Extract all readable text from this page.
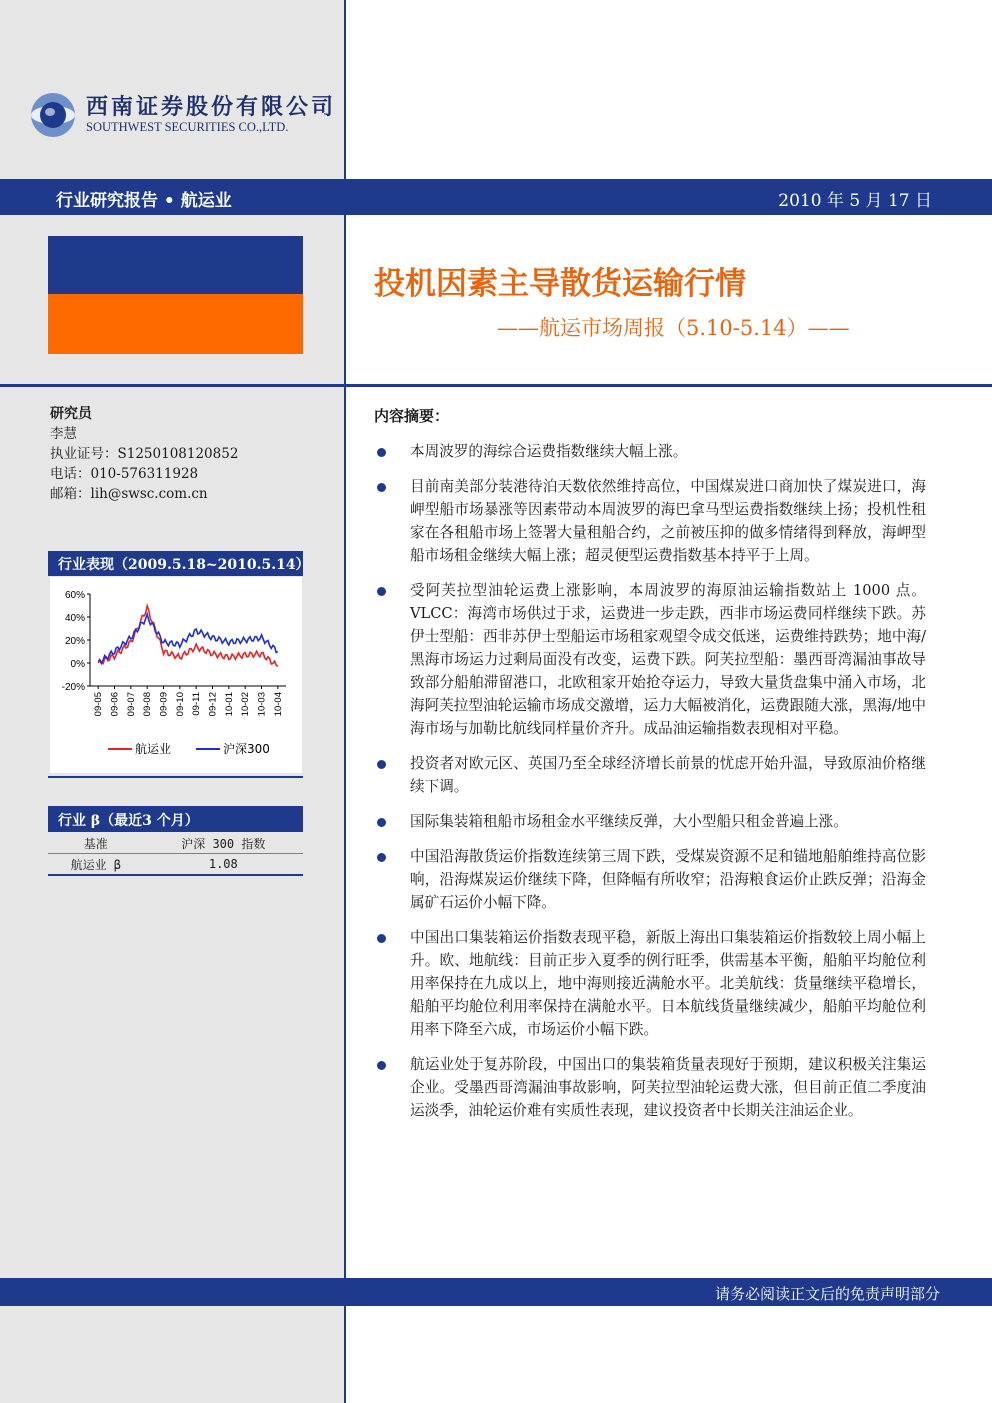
西南证券股份有限公司
SOUTHWEST SECURITIES CO.,LTD.
行业研究报告 • 航运业	2010 年 5 月 17 日
投机因素主导散货运输行情
——航运市场周报（5.10-5.14）——
研究员
李慧
执业证号：S1250108120852
电话：010-576311928
邮箱：lih@swsc.com.cn
行业表现（2009.5.18~2010.5.14）
60%
40%
20%
0%
-20%
09-05 09-06 09-07 09-08 09-09 09-10 09-11 09-12 10-01 10-02 10-03 10-04
航运业	沪深300
行业 β（最近3 个月）
基准	沪深 300 指数
航运业 β	1.08
内容摘要：
本周波罗的海综合运费指数继续大幅上涨。
目前南美部分装港待泊天数依然维持高位，中国煤炭进口商加快了煤炭进口，海岬型船市场暴涨等因素带动本周波罗的海巴拿马型运费指数继续上扬；投机性租家在各租船市场上签署大量租船合约，之前被压抑的做多情绪得到释放，海岬型船市场租金继续大幅上涨；超灵便型运费指数基本持平于上周。
受阿芙拉型油轮运费上涨影响，本周波罗的海原油运输指数站上 1000 点。VLCC：海湾市场供过于求，运费进一步走跌，西非市场运费同样继续下跌。苏伊士型船：西非苏伊士型船运市场租家观望令成交低迷，运费维持跌势；地中海/黑海市场运力过剩局面没有改变，运费下跌。阿芙拉型船：墨西哥湾漏油事故导致部分船舶滞留港口，北欧租家开始抢夺运力，导致大量货盘集中涌入市场，北海阿芙拉型油轮运输市场成交激增，运力大幅被消化，运费跟随大涨，黑海/地中海市场与加勒比航线同样量价齐升。成品油运输指数表现相对平稳。
投资者对欧元区、英国乃至全球经济增长前景的忧虑开始升温，导致原油价格继续下调。
国际集装箱租船市场租金水平继续反弹，大小型船只租金普遍上涨。
中国沿海散货运价指数连续第三周下跌，受煤炭资源不足和锚地船舶维持高位影响，沿海煤炭运价继续下降，但降幅有所收窄；沿海粮食运价止跌反弹；沿海金属矿石运价小幅下降。
中国出口集装箱运价指数表现平稳，新版上海出口集装箱运价指数较上周小幅上升。欧、地航线：目前正步入夏季的例行旺季，供需基本平衡，船舶平均舱位利用率保持在九成以上，地中海则接近满舱水平。北美航线：货量继续平稳增长，船舶平均舱位利用率保持在满舱水平。日本航线货量继续减少，船舶平均舱位利用率下降至六成，市场运价小幅下跌。
航运业处于复苏阶段，中国出口的集装箱货量表现好于预期，建议积极关注集运企业。受墨西哥湾漏油事故影响，阿芙拉型油轮运费大涨，但目前正值二季度油运淡季，油轮运价难有实质性表现，建议投资者中长期关注油运企业。
请务必阅读正文后的免责声明部分
